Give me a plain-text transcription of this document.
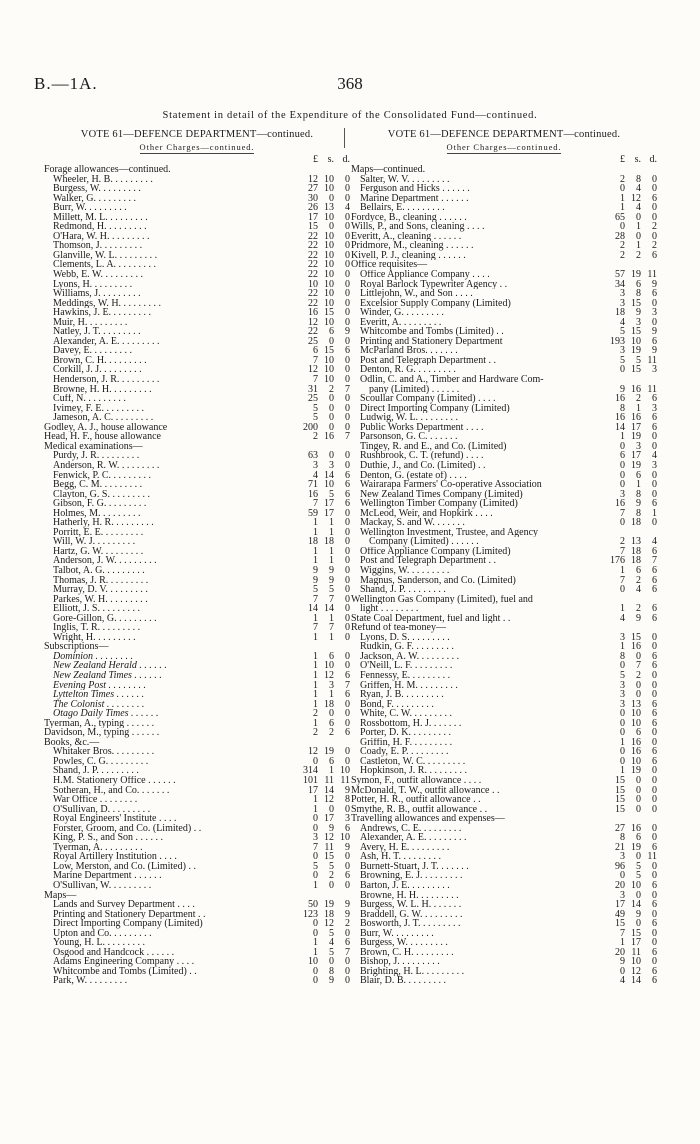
B.—1A.	368
Statement in detail of the Expenditure of the Consolidated Fund—continued.
VOTE 61—DEFENCE DEPARTMENT—continued.
Other Charges—continued.
£ s. d.
Forage allowances—continued.
Wheeler, H. B. . . . . . . . .	12 10	0
Burgess, W. . . . . . . . .	27 10	0
Walker, G. . . . . . . . .	30	0	0
Burr, W. . . . . . . . .	26 13	4
Millett, M. L. . . . . . . . .	17 10	0
Redmond, H. . . . . . . . .	15	0	0
O'Hara, W. H. . . . . . . . .	22 10	0
Thomson, J. . . . . . . . .	22 10	0
Glanville, W. L. . . . . . . . .	22 10	0
Clements, L. A. . . . . . . . .	22 10	0
Webb, E. W. . . . . . . . .	22 10	0
Lyons, H. . . . . . . . .	10 10	0
Williams, J. . . . . . . . .	22 10	0
Meddings, W. H. . . . . . . . .	22 10	0
Hawkins, J. E. . . . . . . . .	16 15	0
Muir, H. . . . . . . . .	12 10	0
Natley, J. T. . . . . . . . .	22	6	9
Alexander, A. E. . . . . . . . .	25	0	0
Davey, E. . . . . . . . .	6 15	6
Brown, C. H. . . . . . . . .	7 10	0
Corkill, J. J. . . . . . . . .	12 10	0
Henderson, J. R. . . . . . . . .	7 10	0
Browne, H. H. . . . . . . . .	31	2	7
Cuff, N. . . . . . . . .	25	0	0
Ivimey, F. E. . . . . . . . .	5	0	0
Jameson, A. C. . . . . . . . .	5	0	0
Godley, A. J., house allowance	200	0	0
Head, H. F., house allowance	2 16	7
Medical examinations—
Purdy, J. R. . . . . . . . .	63	0	0
Anderson, R. W. . . . . . . . .	3	3	0
Fenwick, P. C. . . . . . . . .	4 14	6
Begg, C. M. . . . . . . . .	71 10	6
Clayton, G. S. . . . . . . . .	16	5	6
Gibson, F. G. . . . . . . . .	7 17	6
Holmes, M. . . . . . . . .	59 17	0
Hatherly, H. R. . . . . . . . .	1	1	0
Porritt, E. E. . . . . . . . .	1	1	0
Will, W. J. . . . . . . . .	18 18	0
Hartz, G. W. . . . . . . . .	1	1	0
Anderson, J. W. . . . . . . . .	1	1	0
Talbot, A. G. . . . . . . . .	9	9	0
Thomas, J. R. . . . . . . . .	9	9	0
Murray, D. V. . . . . . . . .	5	5	0
Parkes, W. H. . . . . . . . .	7	7	0
Elliott, J. S. . . . . . . . .	14 14	0
Gore-Gillon, G. . . . . . . . .	1	1	0
Inglis, T. R. . . . . . . . .	7	7	0
Wright, H. . . . . . . . .	1	1	0
Subscriptions—
Dominion . . . . . . . .	1	6	0
New Zealand Herald . . . . . .	1 10	0
New Zealand Times . . . . . .	1 12	6
Evening Post . . . . . . . .	1	3	7
Lyttelton Times . . . . . .	1	1	6
The Colonist . . . . . . . .	1 18	0
Otago Daily Times . . . . . .	2	0	0
Tyerman, A., typing . . . . . .	1	6	0
Davidson, M., typing . . . . . .	2	2	6
Books, &c.—
Whitaker Bros. . . . . . . . .	12 19	0
Powles, C. G. . . . . . . . .	0	6	0
Shand, J. P. . . . . . . . .	314	1 10
H.M. Stationery Office . . . . . .	101 11 11
Sotheran, H., and Co. . . . . . .	17 14	9
War Office . . . . . . . .	1 12	8
O'Sullivan, D. . . . . . . . .	1	0	0
Royal Engineers' Institute . . . .	0 17	3
Forster, Groom, and Co. (Limited) . .	0	9	6
King, P. S., and Son . . . . . .	3 12 10
Tyerman, A. . . . . . . . .	7 11	9
Royal Artillery Institution . . . .	0 15	0
Low, Merston, and Co. (Limited) . .	5	5	0
Marine Department . . . . . .	0	2	6
O'Sullivan, W. . . . . . . . .	1	0	0
Maps—
Lands and Survey Department . . . .	50 19	9
Printing and Stationery Department . .	123 18	9
Direct Importing Company (Limited)	0 12	2
Upton and Co. . . . . . . . .	0	5	0
Young, H. L. . . . . . . . .	1	4	6
Osgood and Handcock . . . . . .	1	5	7
Adams Engineering Company . . . .	10	0	0
Whitcombe and Tombs (Limited) . .	0	8	0
Park, W. . . . . . . . .	0	9	0
VOTE 61—DEFENCE DEPARTMENT—continued.
Other Charges—continued.
£ s. d.
Maps—continued.
Salter, W. V. . . . . . . . .	2	8	0
Ferguson and Hicks . . . . . .	0	4	0
Marine Department . . . . . .	1 12	6
Bellairs, E. . . . . . . . .	1	4	0
Fordyce, B., cleaning . . . . . .	65	0	0
Wills, P., and Sons, cleaning . . . .	0	1	2
Everitt, A., cleaning . . . . . .	28	0	0
Pridmore, M., cleaning . . . . . .	2	1	2
Kivell, P. J., cleaning . . . . . .	2	2	6
Office requisites—
Office Appliance Company . . . .	57 19 11
Royal Barlock Typewriter Agency . .	34	6	9
Littlejohn, W., and Son . . . .	3	8	6
Excelsior Supply Company (Limited)	3 15	0
Winder, G. . . . . . . . .	18	9	3
Everitt, A. . . . . . . . .	4	3	0
Whitcombe and Tombs (Limited) . .	5 15	9
Printing and Stationery Department	193 10	6
McParland Bros. . . . . . .	3 19	9
Post and Telegraph Department . .	5	5 11
Denton, R. G. . . . . . . . .	0 15	3
Odlin, C. and A., Timber and Hardware Com-
pany (Limited) . . . . . .	9 16 11
Scoullar Company (Limited) . . . .	16	2	6
Direct Importing Company (Limited)	8	1	3
Ludwig, W. L. . . . . . . . .	16 16	6
Public Works Department . . . .	14 17	6
Parsonson, G. C. . . . . . .	1 19	0
Tingey, R. and E., and Co. (Limited)	0	3	0
Rushbrook, C. T. (refund) . . . .	6 17	4
Duthie, J., and Co. (Limited) . .	0 19	3
Denton, G. (estate of) . . . .	0	6	0
Wairarapa Farmers' Co-operative Association	0	1	0
New Zealand Times Company (Limited)	3	8	0
Wellington Timber Company (Limited)	16	9	6
McLeod, Weir, and Hopkirk . . . .	7	8	1
Mackay, S. and W. . . . . . .	0 18	0
Wellington Investment, Trustee, and Agency
Company (Limited) . . . . . .	2 13	4
Office Appliance Company (Limited)	7 18	6
Post and Telegraph Department . .	176 18	7
Wiggins, W. . . . . . . . .	1	6	6
Magnus, Sanderson, and Co. (Limited)	7	2	6
Shand, J. P. . . . . . . . .	0	4	6
Wellington Gas Company (Limited), fuel and
light . . . . . . . .	1	2	6
State Coal Department, fuel and light . .	4	9	6
Refund of tea-money—
Lyons, D. S. . . . . . . . .	3 15	0
Rudkin, G. F. . . . . . . . .	1 16	0
Jackson, A. W. . . . . . . . .	8	0	6
O'Neill, L. F. . . . . . . . .	0	7	6
Fennessy, E. . . . . . . . .	5	2	0
Griffen, H. M. . . . . . . . .	3	0	0
Ryan, J. B. . . . . . . . .	3	0	0
Bond, F. . . . . . . . .	3 13	6
White, C. W. . . . . . . . .	0 10	6
Rossbottom, H. J. . . . . . .	0 10	6
Porter, D. K. . . . . . . . .	0	6	0
Griffin, H. F. . . . . . . . .	1 16	0
Coady, E. P. . . . . . . . .	0 16	6
Castleton, W. C. . . . . . . . .	0 10	6
Hopkinson, J. R. . . . . . . . .	1 19	0
Symon, F., outfit allowance . . . .	15	0	0
McDonald, T. W., outfit allowance . .	15	0	0
Potter, H. R., outfit allowance . .	15	0	0
Smythe, R. B., outfit allowance . .	15	0	0
Travelling allowances and expenses—
Andrews, C. E. . . . . . . . .	27 16	0
Alexander, A. E. . . . . . . . .	8	6	0
Avery, H. E. . . . . . . . .	21 19	6
Ash, H. T. . . . . . . . .	3	0 11
Burnett-Stuart, J. T. . . . . . .	96	5	0
Browning, E. J. . . . . . . . .	0	5	0
Barton, J. E. . . . . . . . .	20 10	6
Browne, H. H. . . . . . . . .	3	0	0
Burgess, W. L. H. . . . . . .	17 14	6
Braddell, G. W. . . . . . . . .	49	9	0
Bosworth, J. T. . . . . . . . .	15	0	6
Burr, W. . . . . . . . .	7 15	0
Burgess, W. . . . . . . . .	1 17	0
Brown, C. H. . . . . . . . .	20 11	6
Bishop, J. . . . . . . . .	9 10	0
Brighting, H. L. . . . . . . . .	0 12	6
Blair, D. B. . . . . . . . .	4 14	6
